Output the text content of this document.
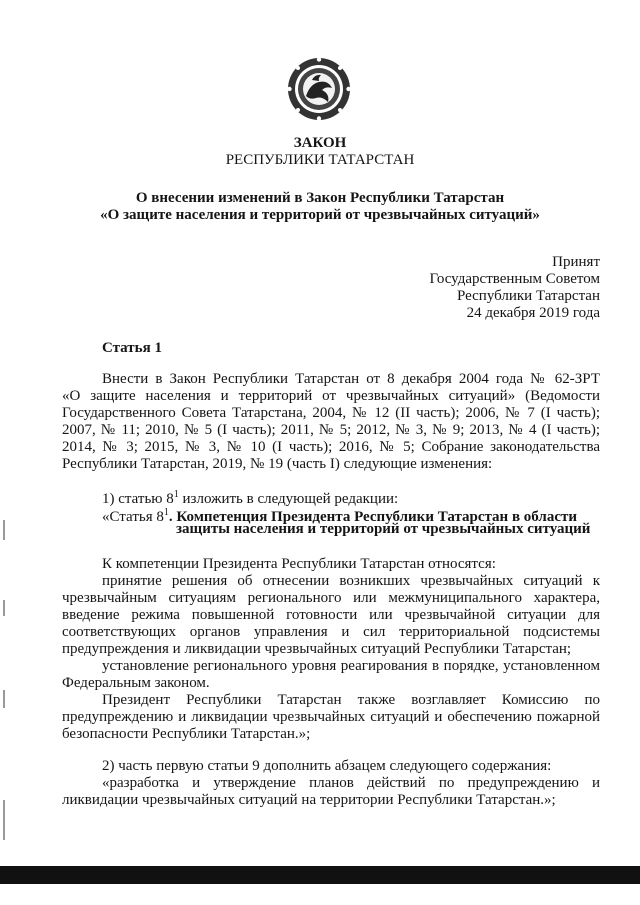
ЗАКОН
РЕСПУБЛИКИ ТАТАРСТАН
О внесении изменений в Закон Республики Татарстан
«О защите населения и территорий от чрезвычайных ситуаций»
Принят
Государственным Советом
Республики Татарстан
24 декабря 2019 года
Статья 1
Внести в Закон Республики Татарстан от 8 декабря 2004 года № 62-ЗРТ
«О защите населения и территорий от чрезвычайных ситуаций» (Ведомости
Государственного Совета Татарстана, 2004, № 12 (II часть); 2006, № 7 (I часть);
2007, № 11; 2010, № 5 (I часть); 2011, № 5; 2012, № 3, № 9; 2013, № 4 (I часть);
2014, № 3; 2015, № 3, № 10 (I часть); 2016, № 5; Собрание законодательства
Республики Татарстан, 2019, № 19 (часть I) следующие изменения:
1) статью $8^1$ изложить в следующей редакции:
«Статья $8^1$. Компетенция Президента Республики Татарстан в области
защиты населения и территорий от чрезвычайных ситуаций
К компетенции Президента Республики Татарстан относятся:
принятие решения об отнесении возникших чрезвычайных ситуаций к
чрезвычайным ситуациям регионального или межмуниципального характера,
введение режима повышенной готовности или чрезвычайной ситуации для
соответствующих органов управления и сил территориальной подсистемы
предупреждения и ликвидации чрезвычайных ситуаций Республики Татарстан;
установление регионального уровня реагирования в порядке, установленном
Федеральным законом.
Президент Республики Татарстан также возглавляет Комиссию по
предупреждению и ликвидации чрезвычайных ситуаций и обеспечению пожарной
безопасности Республики Татарстан.»;
2) часть первую статьи 9 дополнить абзацем следующего содержания:
«разработка и утверждение планов действий по предупреждению и
ликвидации чрезвычайных ситуаций на территории Республики Татарстан.»;
